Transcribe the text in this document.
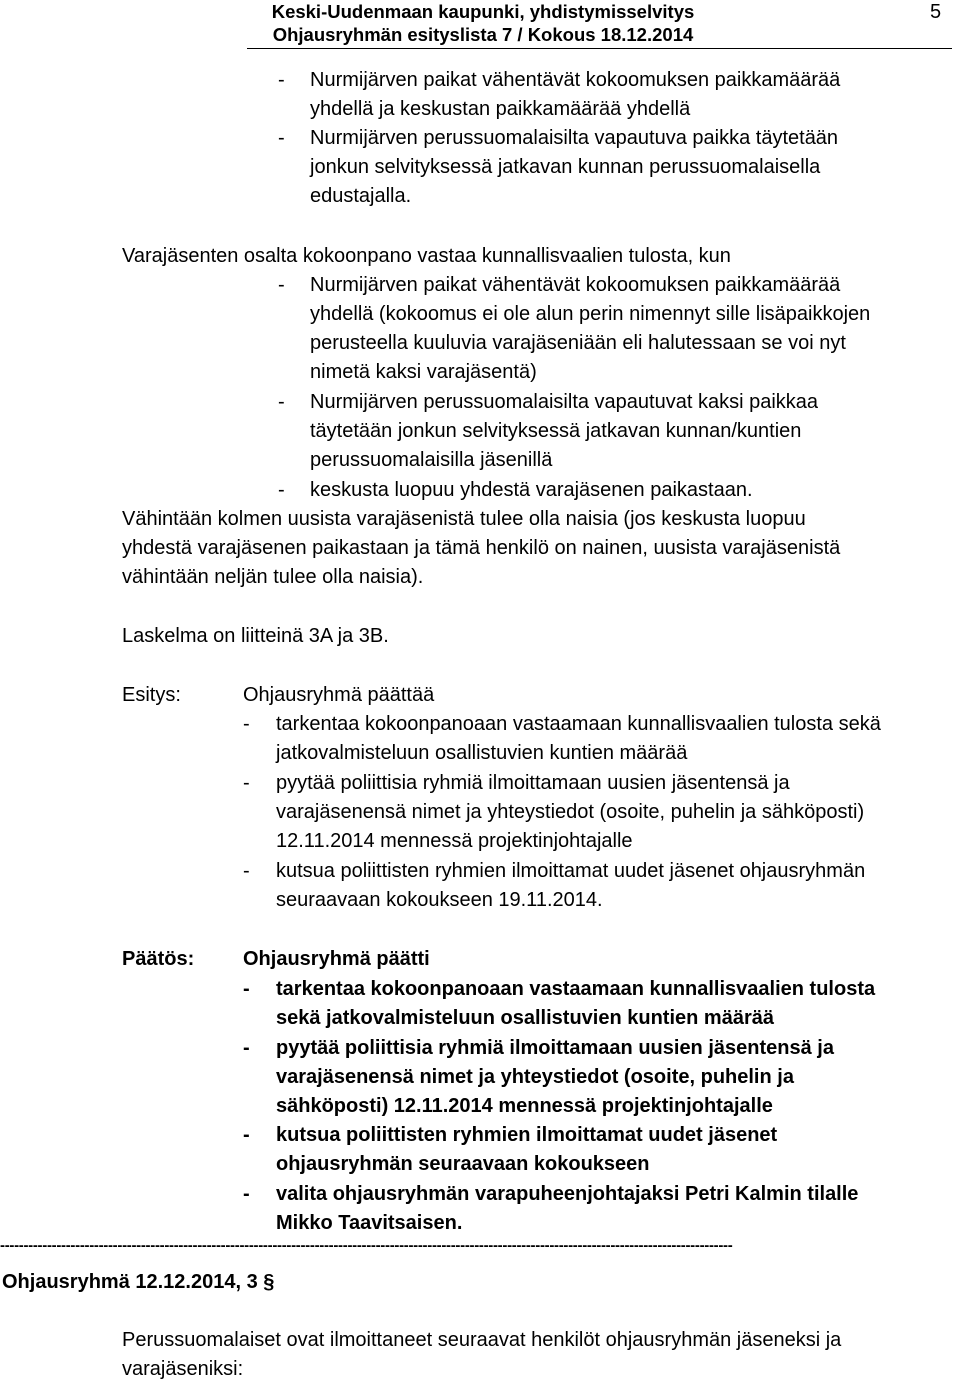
Keski-Uudenmaan kaupunki, yhdistymisselvitys
Ohjausryhmän esityslista 7 / Kokous 18.12.2014
5
- Nurmijärven paikat vähentävät kokoomuksen paikkamäärää
yhdellä ja keskustan paikkamäärää yhdellä
- Nurmijärven perussuomalaisilta vapautuva paikka täytetään
jonkun selvityksessä jatkavan kunnan perussuomalaisella
edustajalla.
Varajäsenten osalta kokoonpano vastaa kunnallisvaalien tulosta, kun
- Nurmijärven paikat vähentävät kokoomuksen paikkamäärää
yhdellä (kokoomus ei ole alun perin nimennyt sille lisäpaikkojen
perusteella kuuluvia varajäseniään eli halutessaan se voi nyt
nimetä kaksi varajäsentä)
- Nurmijärven perussuomalaisilta vapautuvat kaksi paikkaa
täytetään jonkun selvityksessä jatkavan kunnan/kuntien
perussuomalaisilla jäsenillä
- keskusta luopuu yhdestä varajäsenen paikastaan.
Vähintään kolmen uusista varajäsenistä tulee olla naisia (jos keskusta luopuu
yhdestä varajäsenen paikastaan ja tämä henkilö on nainen, uusista varajäsenistä
vähintään neljän tulee olla naisia).
Laskelma on liitteinä 3A ja 3B.
Esitys:	Ohjausryhmä päättää
- tarkentaa kokoonpanoaan vastaamaan kunnallisvaalien tulosta sekä
jatkovalmisteluun osallistuvien kuntien määrää
- pyytää poliittisia ryhmiä ilmoittamaan uusien jäsentensä ja
varajäsenensä nimet ja yhteystiedot (osoite, puhelin ja sähköposti)
12.11.2014 mennessä projektinjohtajalle
- kutsua poliittisten ryhmien ilmoittamat uudet jäsenet ohjausryhmän
seuraavaan kokoukseen 19.11.2014.
Päätös: Ohjausryhmä päätti
- tarkentaa kokoonpanoaan vastaamaan kunnallisvaalien tulosta
sekä jatkovalmisteluun osallistuvien kuntien määrää
- pyytää poliittisia ryhmiä ilmoittamaan uusien jäsentensä ja
varajäsenensä nimet ja yhteystiedot (osoite, puhelin ja
sähköposti) 12.11.2014 mennessä projektinjohtajalle
- kutsua poliittisten ryhmien ilmoittamat uudet jäsenet
ohjausryhmän seuraavaan kokoukseen
- valita ohjausryhmän varapuheenjohtajaksi Petri Kalmin tilalle
Mikko Taavitsaisen.
------------------------------------------------------------------------------------------------------------------------------------------------------------
Ohjausryhmä 12.12.2014, 3 §
Perussuomalaiset ovat ilmoittaneet seuraavat henkilöt ohjausryhmän jäseneksi ja
varajäseniksi:
